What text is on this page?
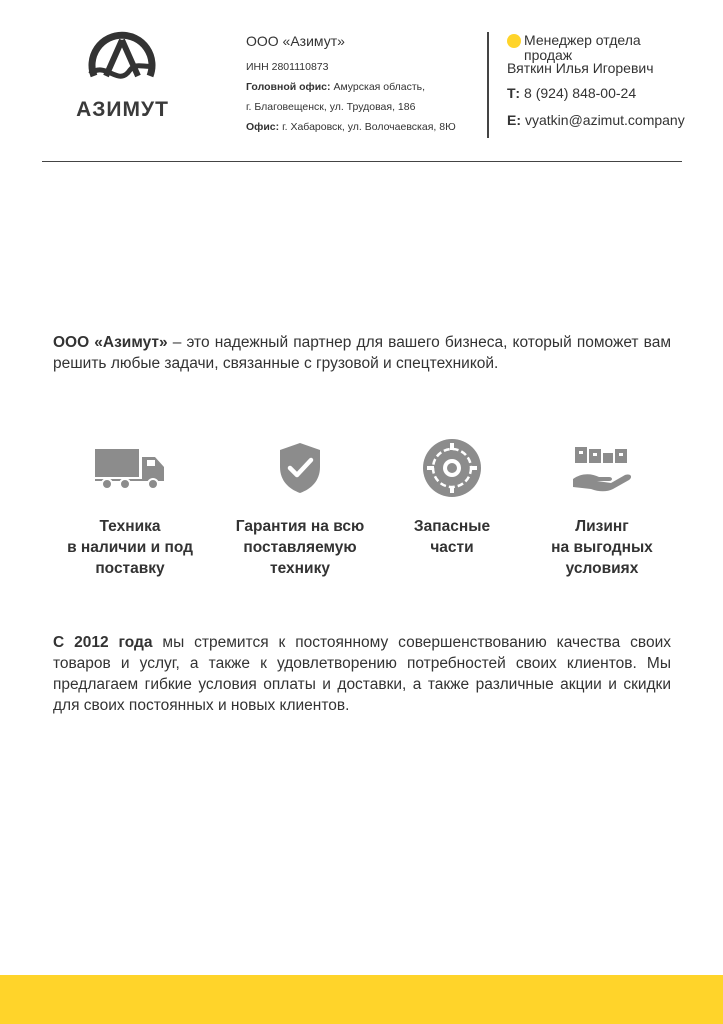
АЗИМУТ
ООО «Азимут»
ИНН 2801110873
Головной офис: Амурская область,
г. Благовещенск, ул. Трудовая, 186
Офис: г. Хабаровск, ул. Волочаевская, 8Ю
Менеджер отдела продаж
Вяткин Илья Игоревич
Т: 8 (924) 848-00-24
E: vyatkin@azimut.company
ООО «Азимут» – это надежный партнер для вашего бизнеса, который поможет вам решить любые задачи, связанные с грузовой и спецтехникой.
Техника
в наличии и под
поставку
Гарантия на всю
поставляемую
технику
Запасные
части
Лизинг
на выгодных
условиях
С 2012 года мы стремится к постоянному совершенствованию качества своих товаров и услуг, а также к удовлетворению потребностей своих клиентов. Мы предлагаем гибкие условия оплаты и доставки, а также различные акции и скидки для своих постоянных и новых клиентов.
